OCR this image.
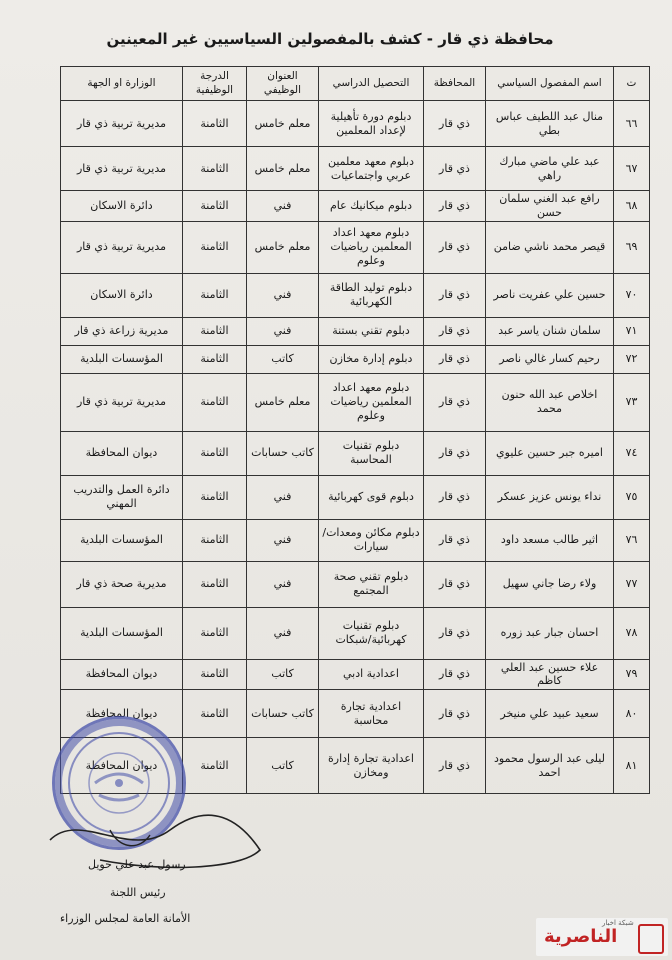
محافظة ذي قار - كشف بالمفصولين السياسيين غير المعينين
ت	اسم المفصول السياسي	المحافظة	التحصيل الدراسي	العنوان الوظيفي	الدرجة الوظيفية	الوزارة او الجهة
٦٦	منال عبد اللطيف عباس بطي	ذي قار	دبلوم دورة تأهيلية لإعداد المعلمين	معلم خامس	الثامنة	مديرية تربية ذي قار
٦٧	عبد علي ماضي مبارك راهي	ذي قار	دبلوم معهد معلمين عربي واجتماعيات	معلم خامس	الثامنة	مديرية تربية ذي قار
٦٨	رافع عبد الغني سلمان حسن	ذي قار	دبلوم ميكانيك عام	فني	الثامنة	دائرة الاسكان
٦٩	قيصر محمد ناشي ضامن	ذي قار	دبلوم معهد اعداد المعلمين رياضيات وعلوم	معلم خامس	الثامنة	مديرية تربية ذي قار
٧٠	حسين علي عفريت ناصر	ذي قار	دبلوم توليد الطاقة الكهربائية	فني	الثامنة	دائرة الاسكان
٧١	سلمان شنان ياسر عبد	ذي قار	دبلوم تقني بستنة	فني	الثامنة	مديرية زراعة ذي قار
٧٢	رحيم كسار غالي ناصر	ذي قار	دبلوم إدارة مخازن	كاتب	الثامنة	المؤسسات البلدية
٧٣	اخلاص عبد الله حنون محمد	ذي قار	دبلوم معهد اعداد المعلمين رياضيات وعلوم	معلم خامس	الثامنة	مديرية تربية ذي قار
٧٤	اميره جبر حسين عليوي	ذي قار	دبلوم تقنيات المحاسبة	كاتب حسابات	الثامنة	ديوان المحافظة
٧٥	نداء يونس عزيز عسكر	ذي قار	دبلوم قوى كهربائية	فني	الثامنة	دائرة العمل والتدريب المهني
٧٦	اثير طالب مسعد داود	ذي قار	دبلوم مكائن ومعدات/سيارات	فني	الثامنة	المؤسسات البلدية
٧٧	ولاء رضا جاني سهيل	ذي قار	دبلوم تقني صحة المجتمع	فني	الثامنة	مديرية صحة ذي قار
٧٨	احسان جبار عبد زوره	ذي قار	دبلوم تقنيات كهربائية/شبكات	فني	الثامنة	المؤسسات البلدية
٧٩	علاء حسين عبد العلي كاظم	ذي قار	اعدادية ادبي	كاتب	الثامنة	ديوان المحافظة
٨٠	سعيد عبيد علي منيخر	ذي قار	اعدادية تجارة محاسبة	كاتب حسابات	الثامنة	ديوان المحافظة
٨١	ليلى عبد الرسول محمود احمد	ذي قار	اعدادية تجارة إدارة ومخازن	كاتب	الثامنة	ديوان المحافظة
رسول عبد علي حويل
رئيس اللجنة
الأمانة العامة لمجلس الوزراء	شبكة اخبار
الناصرية
